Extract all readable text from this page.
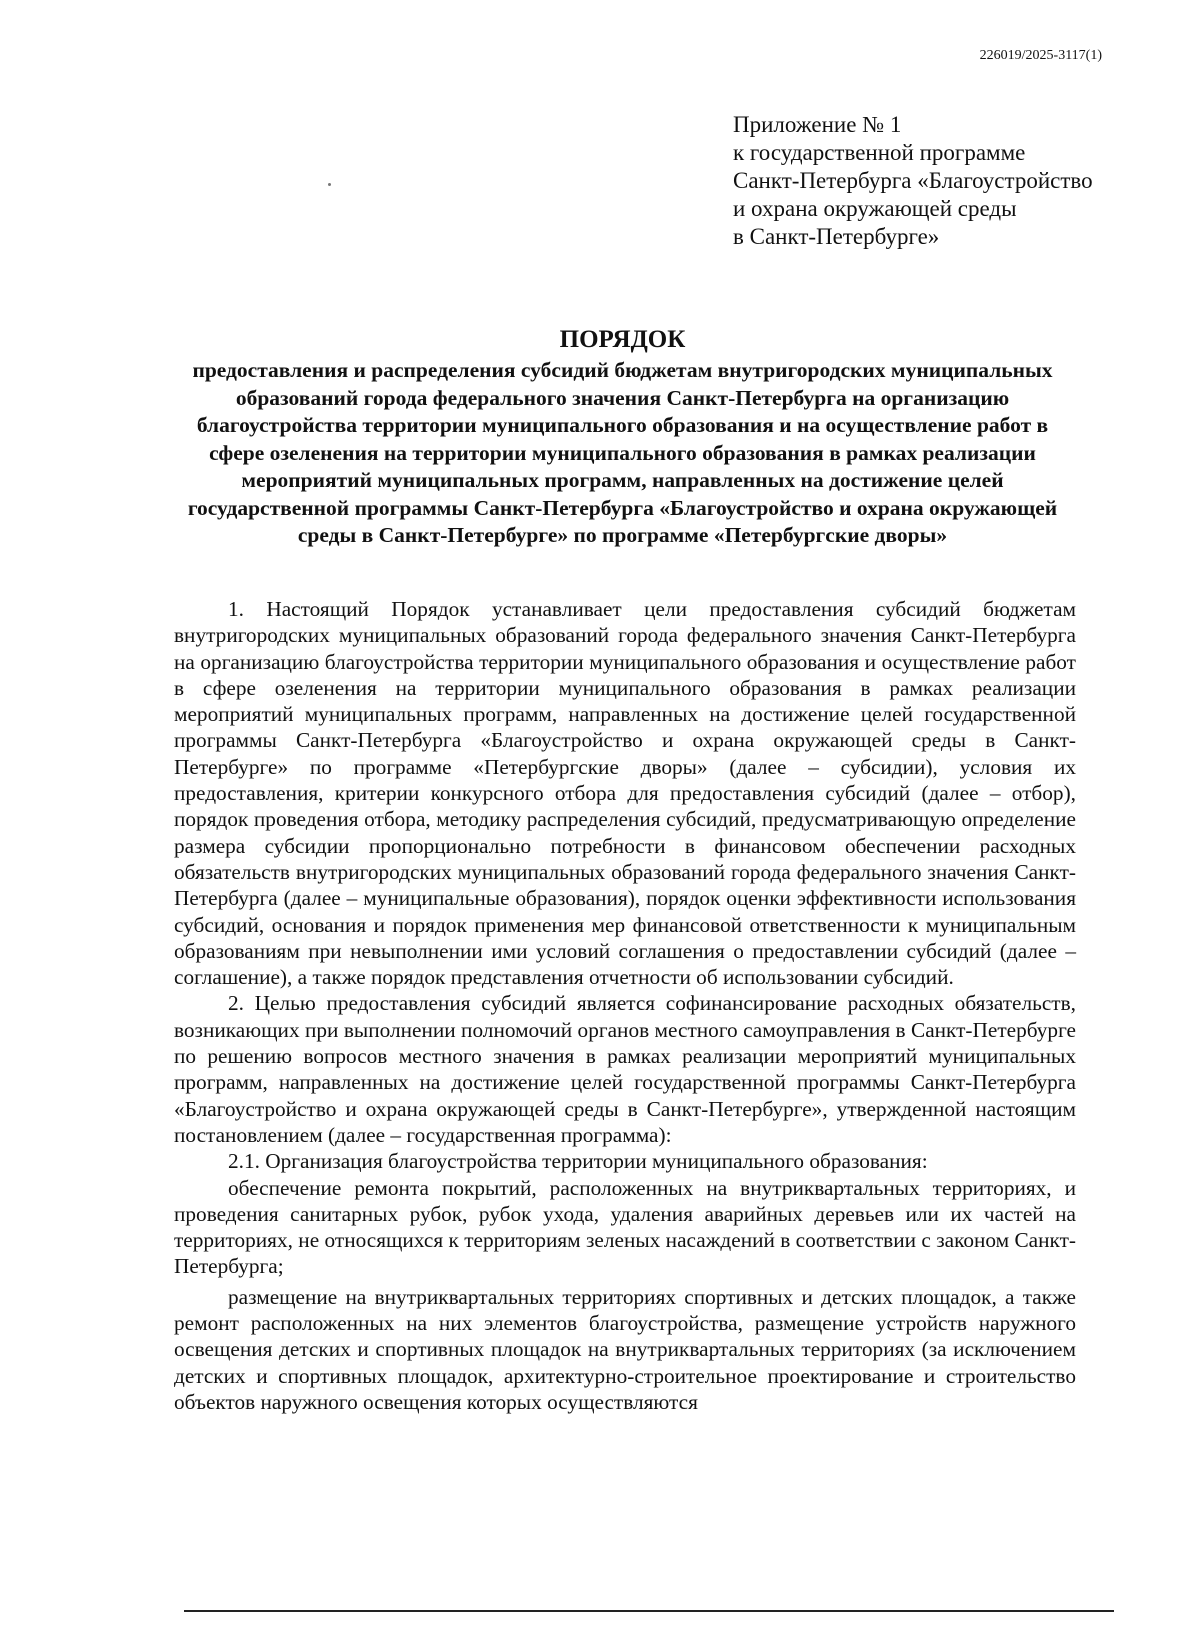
226019/2025-3117(1)
Приложение № 1
к государственной программе
Санкт-Петербурга «Благоустройство
и охрана окружающей среды
в Санкт-Петербурге»
ПОРЯДОК
предоставления и распределения субсидий бюджетам внутригородских муниципальных образований города федерального значения Санкт-Петербурга на организацию благоустройства территории муниципального образования и на осуществление работ в сфере озеленения на территории муниципального образования в рамках реализации мероприятий муниципальных программ, направленных на достижение целей государственной программы Санкт-Петербурга «Благоустройство и охрана окружающей среды в Санкт-Петербурге» по программе «Петербургские дворы»

1. Настоящий Порядок устанавливает цели предоставления субсидий бюджетам внутригородских муниципальных образований города федерального значения Санкт-Петербурга на организацию благоустройства территории муниципального образования и осуществление работ в сфере озеленения на территории муниципального образования в рамках реализации мероприятий муниципальных программ, направленных на достижение целей государственной программы Санкт-Петербурга «Благоустройство и охрана окружающей среды в Санкт-Петербурге» по программе «Петербургские дворы» (далее – субсидии), условия их предоставления, критерии конкурсного отбора для предоставления субсидий (далее – отбор), порядок проведения отбора, методику распределения субсидий, предусматривающую определение размера субсидии пропорционально потребности в финансовом обеспечении расходных обязательств внутригородских муниципальных образований города федерального значения Санкт-Петербурга (далее – муниципальные образования), порядок оценки эффективности использования субсидий, основания и порядок применения мер финансовой ответственности к муниципальным образованиям при невыполнении ими условий соглашения о предоставлении субсидий (далее – соглашение), а также порядок представления отчетности об использовании субсидий.

2. Целью предоставления субсидий является софинансирование расходных обязательств, возникающих при выполнении полномочий органов местного самоуправления в Санкт-Петербурге по решению вопросов местного значения в рамках реализации мероприятий муниципальных программ, направленных на достижение целей государственной программы Санкт-Петербурга «Благоустройство и охрана окружающей среды в Санкт-Петербурге», утвержденной настоящим постановлением (далее – государственная программа):

2.1. Организация благоустройства территории муниципального образования:

обеспечение ремонта покрытий, расположенных на внутриквартальных территориях, и проведения санитарных рубок, рубок ухода, удаления аварийных деревьев или их частей на территориях, не относящихся к территориям зеленых насаждений в соответствии с законом Санкт-Петербурга;

размещение на внутриквартальных территориях спортивных и детских площадок, а также ремонт расположенных на них элементов благоустройства, размещение устройств наружного освещения детских и спортивных площадок на внутриквартальных территориях (за исключением детских и спортивных площадок, архитектурно-строительное проектирование и строительство объектов наружного освещения которых осуществляются
